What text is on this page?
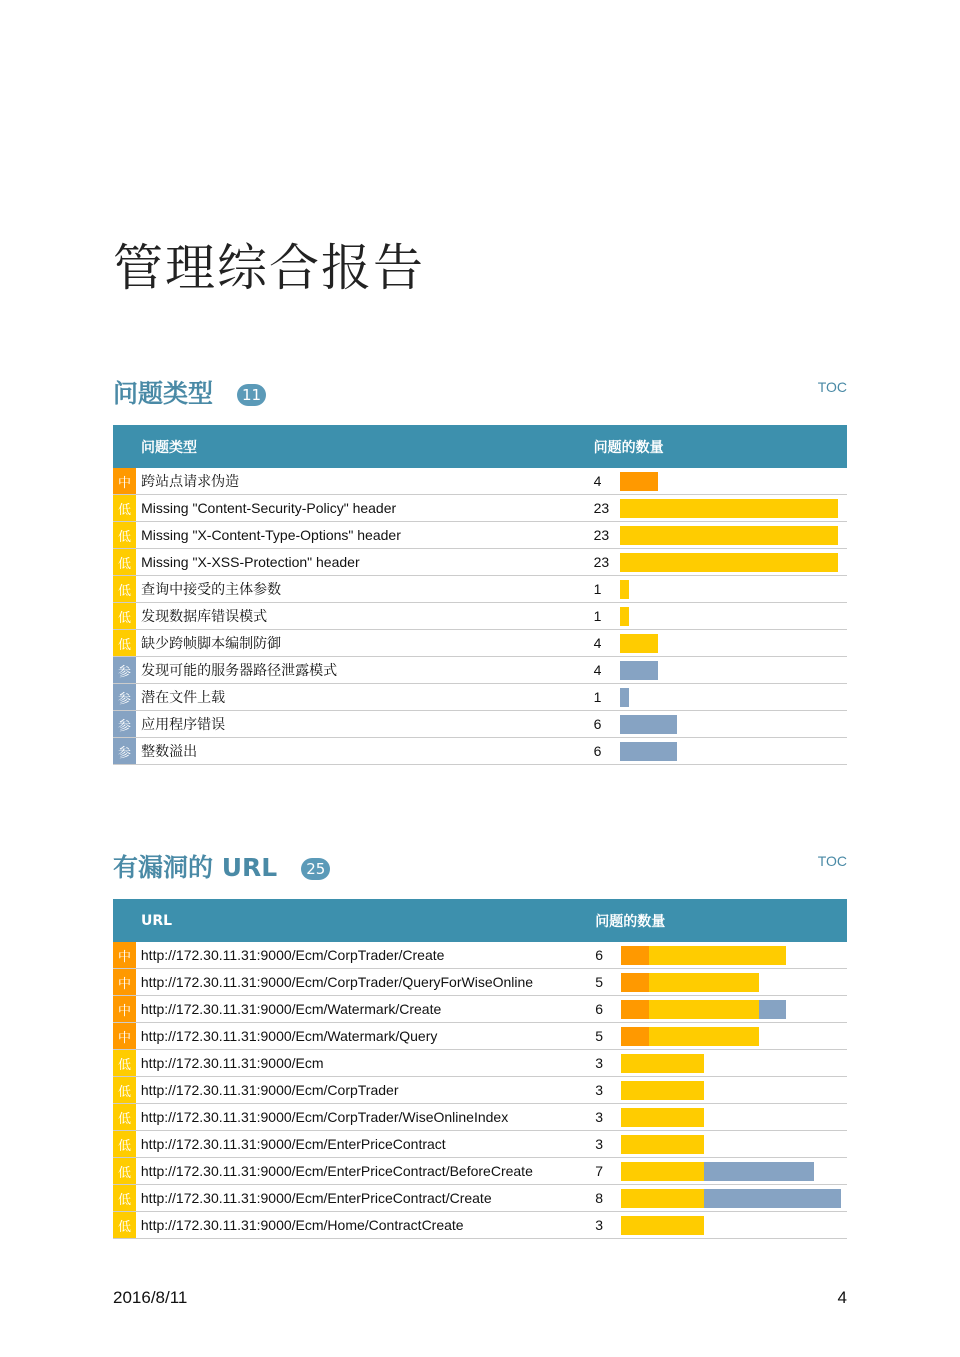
管理综合报告
问题类型 11	TOC
问题类型		问题的数量	
中	跨站点请求伪造	4	

低	Missing "Content-Security-Policy" header	23	

低	Missing "X-Content-Type-Options" header	23	

低	Missing "X-XSS-Protection" header	23	

低	查询中接受的主体参数	1	

低	发现数据库错误模式	1	

低	缺少跨帧脚本编制防御	4	

参	发现可能的服务器路径泄露模式	4	

参	潜在文件上载	1	

参	应用程序错误	6	

参	整数溢出	6	
有漏洞的 URL 25	TOC
URL		问题的数量	
中	http://172.30.11.31:9000/Ecm/CorpTrader/Create	6	

中	http://172.30.11.31:9000/Ecm/CorpTrader/QueryForWiseOnline	5	

中	http://172.30.11.31:9000/Ecm/Watermark/Create	6	

中	http://172.30.11.31:9000/Ecm/Watermark/Query	5	

低	http://172.30.11.31:9000/Ecm	3	

低	http://172.30.11.31:9000/Ecm/CorpTrader	3	

低	http://172.30.11.31:9000/Ecm/CorpTrader/WiseOnlineIndex	3	

低	http://172.30.11.31:9000/Ecm/EnterPriceContract	3	

低	http://172.30.11.31:9000/Ecm/EnterPriceContract/BeforeCreate	7	

低	http://172.30.11.31:9000/Ecm/EnterPriceContract/Create	8	

低	http://172.30.11.31:9000/Ecm/Home/ContractCreate	3	
2016/8/11	4
